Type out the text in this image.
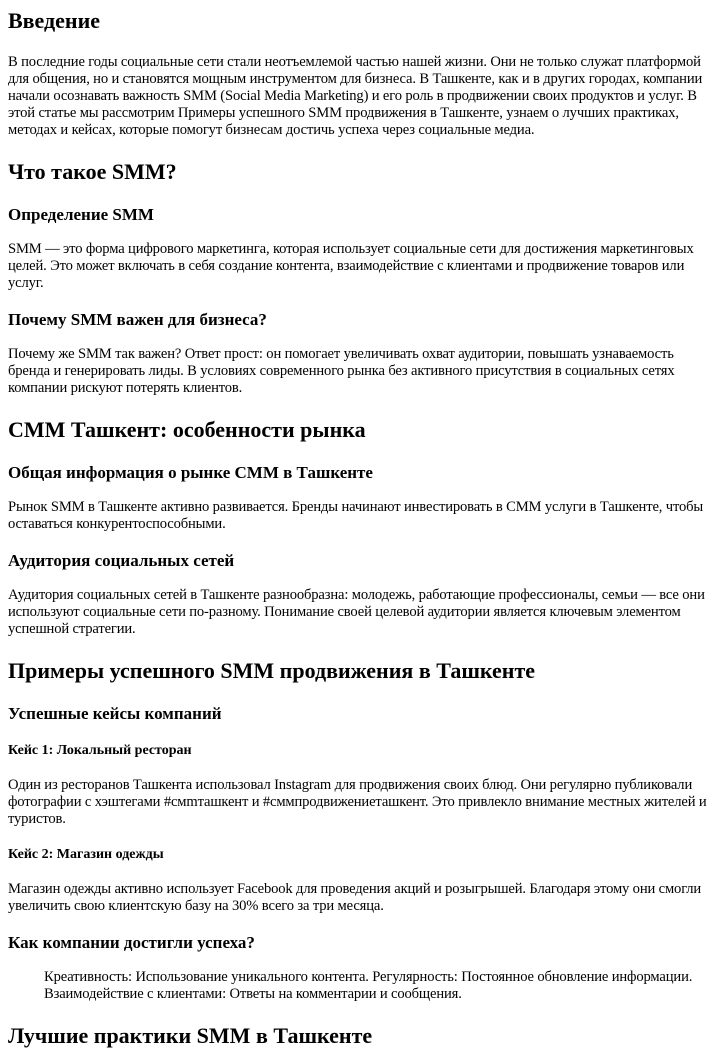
Введение

В последние годы социальные сети стали неотъемлемой частью нашей жизни. Они не только служат платформой для общения, но и становятся мощным инструментом для бизнеса. В Ташкенте, как и в других городах, компании начали осознавать важность SMM (Social Media Marketing) и его роль в продвижении своих продуктов и услуг. В этой статье мы рассмотрим Примеры успешного SMM продвижения в Ташкенте, узнаем о лучших практиках, методах и кейсах, которые помогут бизнесам достичь успеха через социальные медиа.

Что такое SMM?
Определение SMM

SMM — это форма цифрового маркетинга, которая использует социальные сети для достижения маркетинговых целей. Это может включать в себя создание контента, взаимодействие с клиентами и продвижение товаров или услуг.

Почему SMM важен для бизнеса?

Почему же SMM так важен? Ответ прост: он помогает увеличивать охват аудитории, повышать узнаваемость бренда и генерировать лиды. В условиях современного рынка без активного присутствия в социальных сетях компании рискуют потерять клиентов.

СММ Ташкент: особенности рынка
Общая информация о рынке СММ в Ташкенте

Рынок SMM в Ташкенте активно развивается. Бренды начинают инвестировать в СММ услуги в Ташкенте, чтобы оставаться конкурентоспособными.

Аудитория социальных сетей

Аудитория социальных сетей в Ташкенте разнообразна: молодежь, работающие профессионалы, семьи — все они используют социальные сети по-разному. Понимание своей целевой аудитории является ключевым элементом успешной стратегии.

Примеры успешного SMM продвижения в Ташкенте
Успешные кейсы компаний
Кейс 1: Локальный ресторан

Один из ресторанов Ташкента использовал Instagram для продвижения своих блюд. Они регулярно публиковали фотографии с хэштегами #смmташкент и #сммпродвижениеташкент. Это привлекло внимание местных жителей и туристов.

Кейс 2: Магазин одежды

Магазин одежды активно использует Facebook для проведения акций и розыгрышей. Благодаря этому они смогли увеличить свою клиентскую базу на 30% всего за три месяца.

Как компании достигли успеха?

Креативность: Использование уникального контента. Регулярность: Постоянное обновление информации. Взаимодействие с клиентами: Ответы на комментарии и сообщения.

Лучшие практики SMM в Ташкенте
